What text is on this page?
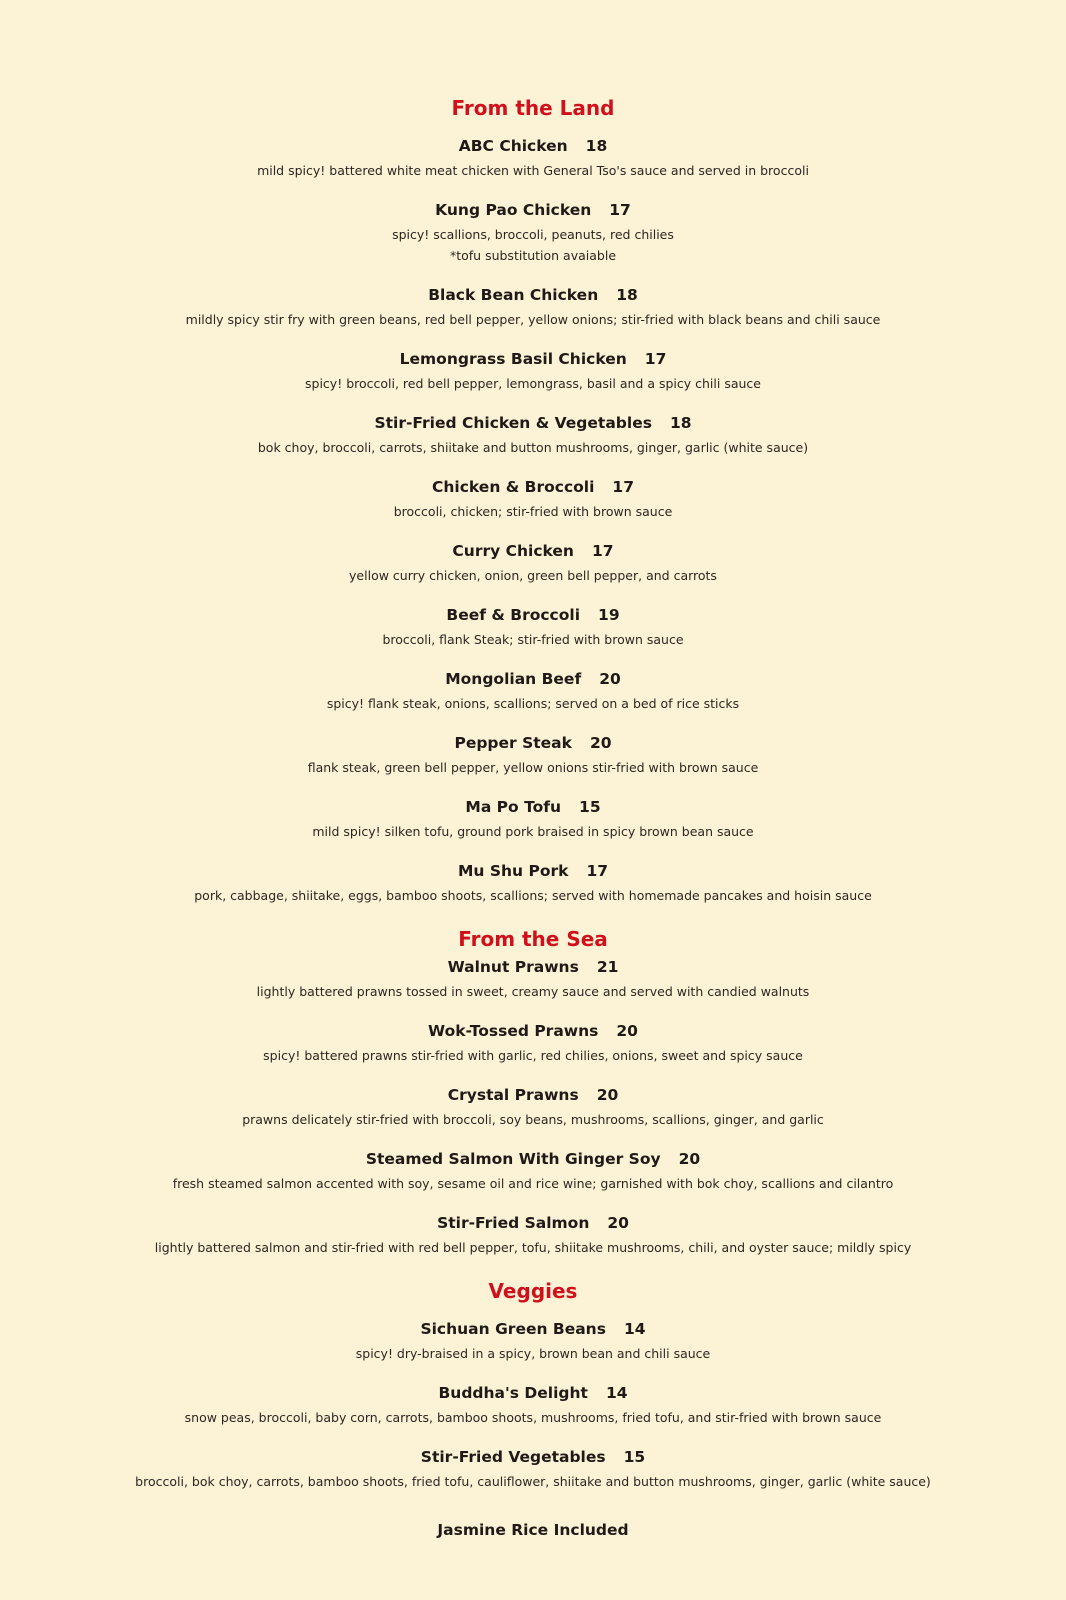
From the Land
ABC Chicken 18
mild spicy! battered white meat chicken with General Tso's sauce and served in broccoli
Kung Pao Chicken 17
spicy! scallions, broccoli, peanuts, red chilies
*tofu substitution avaiable
Black Bean Chicken 18
mildly spicy stir fry with green beans, red bell pepper, yellow onions; stir-fried with black beans and chili sauce
Lemongrass Basil Chicken 17
spicy! broccoli, red bell pepper, lemongrass, basil and a spicy chili sauce
Stir-Fried Chicken & Vegetables 18
bok choy, broccoli, carrots, shiitake and button mushrooms, ginger, garlic (white sauce)
Chicken & Broccoli 17
broccoli, chicken; stir-fried with brown sauce
Curry Chicken 17
yellow curry chicken, onion, green bell pepper, and carrots
Beef & Broccoli 19
broccoli, flank Steak; stir-fried with brown sauce
Mongolian Beef 20
spicy! flank steak, onions, scallions; served on a bed of rice sticks
Pepper Steak 20
flank steak, green bell pepper, yellow onions stir-fried with brown sauce
Ma Po Tofu 15
mild spicy! silken tofu, ground pork braised in spicy brown bean sauce
Mu Shu Pork 17
pork, cabbage, shiitake, eggs, bamboo shoots, scallions; served with homemade pancakes and hoisin sauce
From the Sea
Walnut Prawns 21
lightly battered prawns tossed in sweet, creamy sauce and served with candied walnuts
Wok-Tossed Prawns 20
spicy! battered prawns stir-fried with garlic, red chilies, onions, sweet and spicy sauce
Crystal Prawns 20
prawns delicately stir-fried with broccoli, soy beans, mushrooms, scallions, ginger, and garlic
Steamed Salmon With Ginger Soy 20
fresh steamed salmon accented with soy, sesame oil and rice wine; garnished with bok choy, scallions and cilantro
Stir-Fried Salmon 20
lightly battered salmon and stir-fried with red bell pepper, tofu, shiitake mushrooms, chili, and oyster sauce; mildly spicy
Veggies
Sichuan Green Beans 14
spicy! dry-braised in a spicy, brown bean and chili sauce
Buddha's Delight 14
snow peas, broccoli, baby corn, carrots, bamboo shoots, mushrooms, fried tofu, and stir-fried with brown sauce
Stir-Fried Vegetables 15
broccoli, bok choy, carrots, bamboo shoots, fried tofu, cauliflower, shiitake and button mushrooms, ginger, garlic (white sauce)
Jasmine Rice Included
